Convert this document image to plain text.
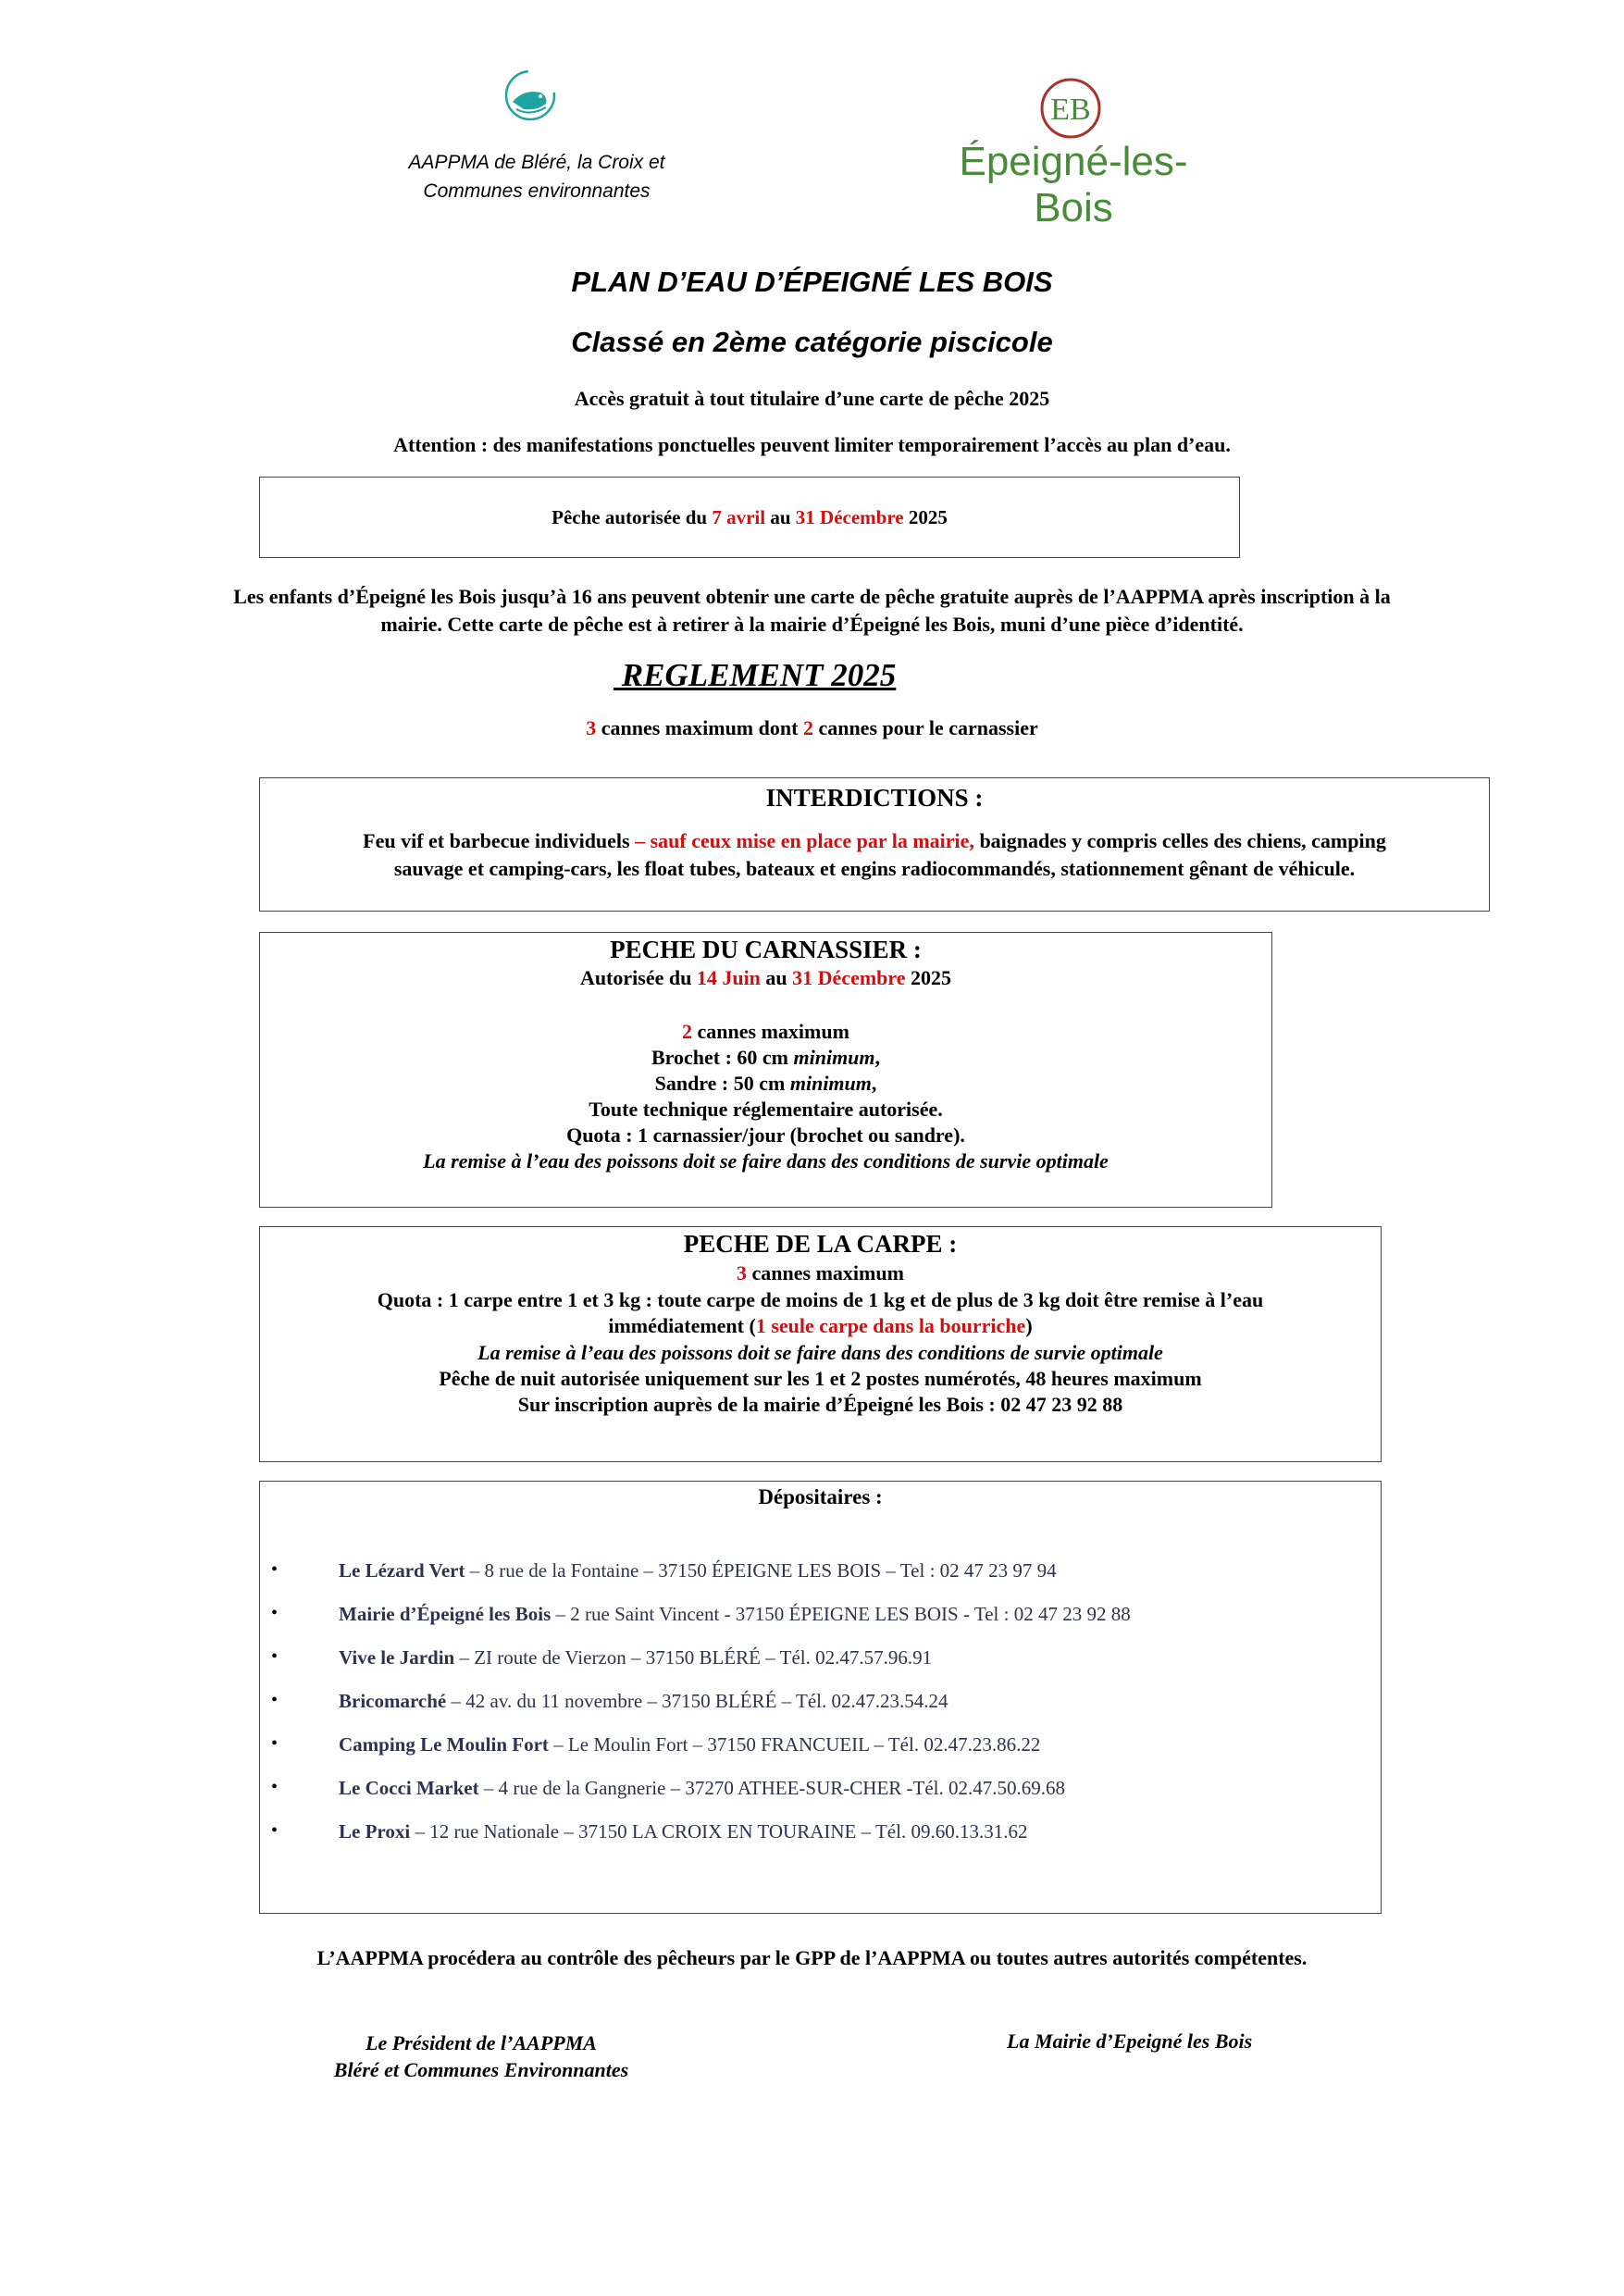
AAPPMA de Bléré, la Croix et
Communes environnantes
EB
Épeigné-les-Bois
PLAN D’EAU D’ÉPEIGNÉ LES BOIS
Classé en 2ème catégorie piscicole
Accès gratuit à tout titulaire d’une carte de pêche 2025
Attention : des manifestations ponctuelles peuvent limiter temporairement l’accès au plan d’eau.
Pêche autorisée du 7 avril au 31 Décembre 2025
Les enfants d’Épeigné les Bois jusqu’à 16 ans peuvent obtenir une carte de pêche gratuite auprès de l’AAPPMA après inscription à la
mairie. Cette carte de pêche est à retirer à la mairie d’Épeigné les Bois, muni d’une pièce d’identité.
REGLEMENT 2025
3 cannes maximum dont 2 cannes pour le carnassier
INTERDICTIONS :
Feu vif et barbecue individuels – sauf ceux mise en place par la mairie, baignades y compris celles des chiens, camping
sauvage et camping-cars, les float tubes, bateaux et engins radiocommandés, stationnement gênant de véhicule.
PECHE DU CARNASSIER :
Autorisée du 14 Juin au 31 Décembre 2025
2 cannes maximum
Brochet : 60 cm minimum,
Sandre : 50 cm minimum,
Toute technique réglementaire autorisée.
Quota : 1 carnassier/jour (brochet ou sandre).
La remise à l’eau des poissons doit se faire dans des conditions de survie optimale
PECHE DE LA CARPE :
3 cannes maximum
Quota : 1 carpe entre 1 et 3 kg : toute carpe de moins de 1 kg et de plus de 3 kg doit être remise à l’eau
immédiatement (1 seule carpe dans la bourriche)
La remise à l’eau des poissons doit se faire dans des conditions de survie optimale
Pêche de nuit autorisée uniquement sur les 1 et 2 postes numérotés, 48 heures maximum
Sur inscription auprès de la mairie d’Épeigné les Bois : 02 47 23 92 88
Dépositaires :
•	Le Lézard Vert – 8 rue de la Fontaine – 37150 ÉPEIGNE LES BOIS – Tel : 02 47 23 97 94
•	Mairie d’Épeigné les Bois – 2 rue Saint Vincent - 37150 ÉPEIGNE LES BOIS - Tel : 02 47 23 92 88
•	Vive le Jardin – ZI route de Vierzon – 37150 BLÉRÉ – Tél. 02.47.57.96.91
•	Bricomarché – 42 av. du 11 novembre – 37150 BLÉRÉ – Tél. 02.47.23.54.24
•	Camping Le Moulin Fort – Le Moulin Fort – 37150 FRANCUEIL – Tél. 02.47.23.86.22
•	Le Cocci Market – 4 rue de la Gangnerie – 37270 ATHEE-SUR-CHER -Tél. 02.47.50.69.68
•	Le Proxi – 12 rue Nationale – 37150 LA CROIX EN TOURAINE – Tél. 09.60.13.31.62
L’AAPPMA procédera au contrôle des pêcheurs par le GPP de l’AAPPMA ou toutes autres autorités compétentes.
Le Président de l’AAPPMA
Bléré et Communes Environnantes
La Mairie d’Epeigné les Bois
